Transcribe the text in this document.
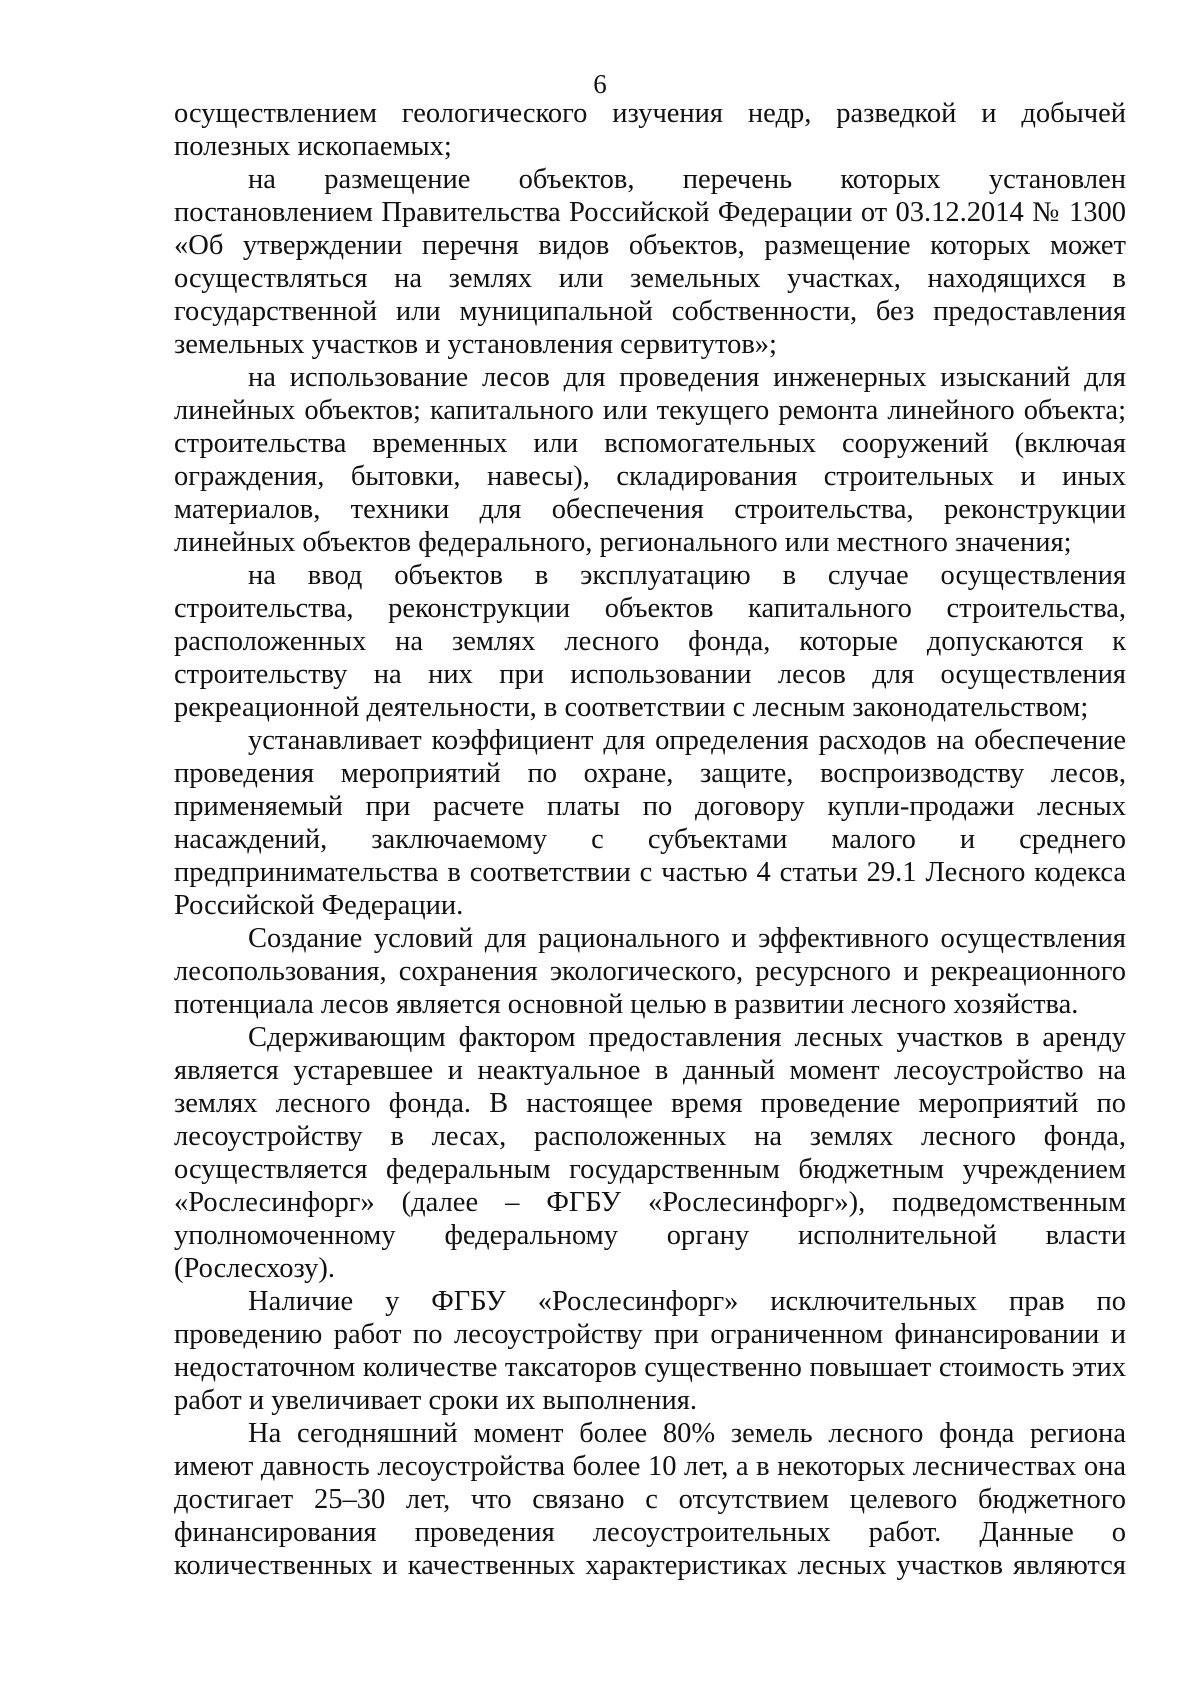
6

осуществлением геологического изучения недр, разведкой и добычей полезных ископаемых;

на размещение объектов, перечень которых установлен постановлением Правительства Российской Федерации от 03.12.2014 № 1300 «Об утверждении перечня видов объектов, размещение которых может осуществляться на землях или земельных участках, находящихся в государственной или муниципальной собственности, без предоставления земельных участков и установления сервитутов»;

на использование лесов для проведения инженерных изысканий для линейных объектов; капитального или текущего ремонта линейного объекта; строительства временных или вспомогательных сооружений (включая ограждения, бытовки, навесы), складирования строительных и иных материалов, техники для обеспечения строительства, реконструкции линейных объектов федерального, регионального или местного значения;

на ввод объектов в эксплуатацию в случае осуществления строительства, реконструкции объектов капитального строительства, расположенных на землях лесного фонда, которые допускаются к строительству на них при использовании лесов для осуществления рекреационной деятельности, в соответствии с лесным законодательством;

устанавливает коэффициент для определения расходов на обеспечение проведения мероприятий по охране, защите, воспроизводству лесов, применяемый при расчете платы по договору купли-продажи лесных насаждений, заключаемому с субъектами малого и среднего предпринимательства в соответствии с частью 4 статьи 29.1 Лесного кодекса Российской Федерации.

Создание условий для рационального и эффективного осуществления лесопользования, сохранения экологического, ресурсного и рекреационного потенциала лесов является основной целью в развитии лесного хозяйства.

Сдерживающим фактором предоставления лесных участков в аренду является устаревшее и неактуальное в данный момент лесоустройство на землях лесного фонда. В настоящее время проведение мероприятий по лесоустройству в лесах, расположенных на землях лесного фонда, осуществляется федеральным государственным бюджетным учреждением «Рослесинфорг» (далее – ФГБУ «Рослесинфорг»), подведомственным уполномоченному федеральному органу исполнительной власти (Рослесхозу).

Наличие у ФГБУ «Рослесинфорг» исключительных прав по проведению работ по лесоустройству при ограниченном финансировании и недостаточном количестве таксаторов существенно повышает стоимость этих работ и увеличивает сроки их выполнения.

На сегодняшний момент более 80% земель лесного фонда региона имеют давность лесоустройства более 10 лет, а в некоторых лесничествах она достигает 25–30 лет, что связано с отсутствием целевого бюджетного финансирования проведения лесоустроительных работ. Данные о количественных и качественных характеристиках лесных участков являются
